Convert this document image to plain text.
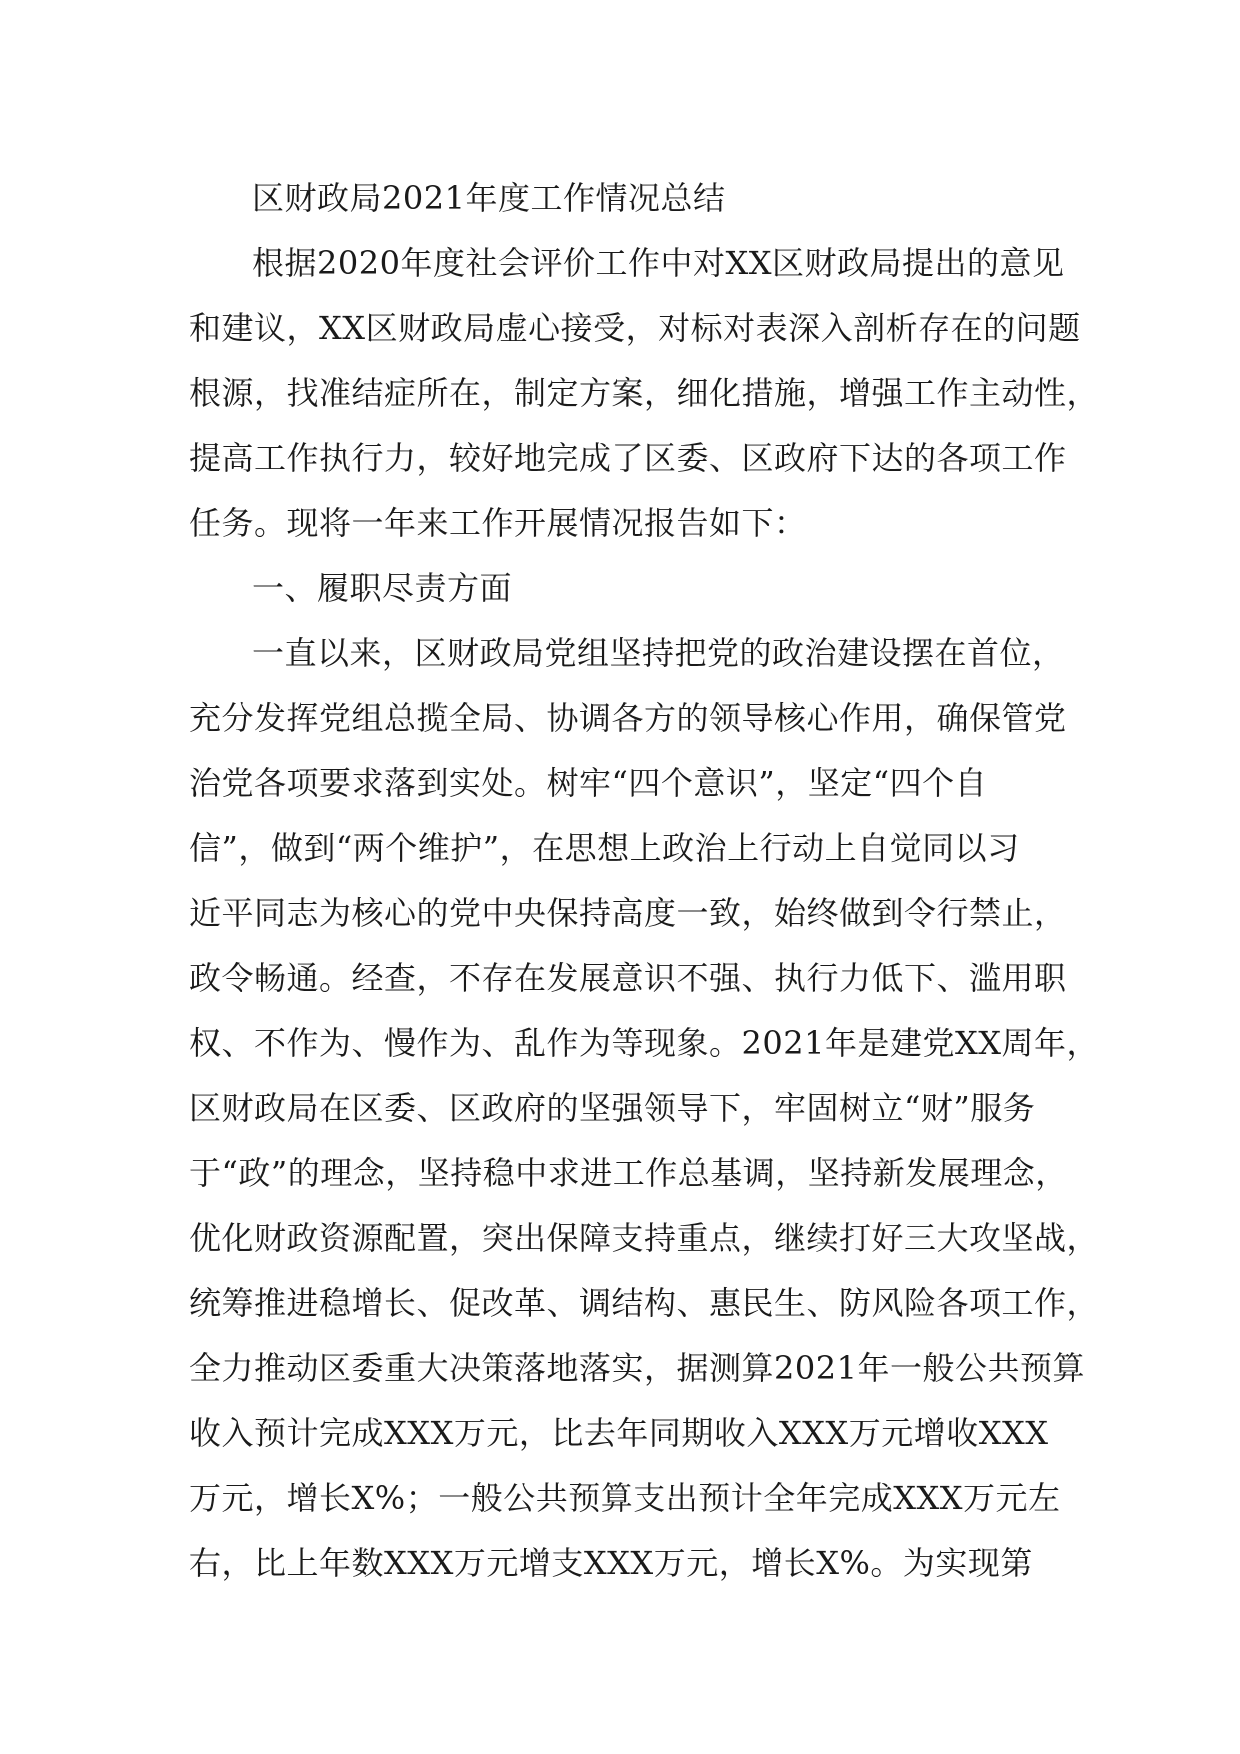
区财政局2021年度工作情况总结
根据2020年度社会评价工作中对XX区财政局提出的意见
和建议，XX区财政局虚心接受，对标对表深入剖析存在的问题
根源，找准结症所在，制定方案，细化措施，增强工作主动性，
提高工作执行力，较好地完成了区委、区政府下达的各项工作
任务。现将一年来工作开展情况报告如下：
一、履职尽责方面
一直以来，区财政局党组坚持把党的政治建设摆在首位，
充分发挥党组总揽全局、协调各方的领导核心作用，确保管党
治党各项要求落到实处。树牢“四个意识”，坚定“四个自
信”，做到“两个维护”，在思想上政治上行动上自觉同以习
近平同志为核心的党中央保持高度一致，始终做到令行禁止，
政令畅通。经查，不存在发展意识不强、执行力低下、滥用职
权、不作为、慢作为、乱作为等现象。2021年是建党XX周年，
区财政局在区委、区政府的坚强领导下，牢固树立“财”服务
于“政”的理念，坚持稳中求进工作总基调，坚持新发展理念，
优化财政资源配置，突出保障支持重点，继续打好三大攻坚战，
统筹推进稳增长、促改革、调结构、惠民生、防风险各项工作，
全力推动区委重大决策落地落实，据测算2021年一般公共预算
收入预计完成XXX万元，比去年同期收入XXX万元增收XXX
万元，增长X%；一般公共预算支出预计全年完成XXX万元左
右，比上年数XXX万元增支XXX万元，增长X%。为实现第
